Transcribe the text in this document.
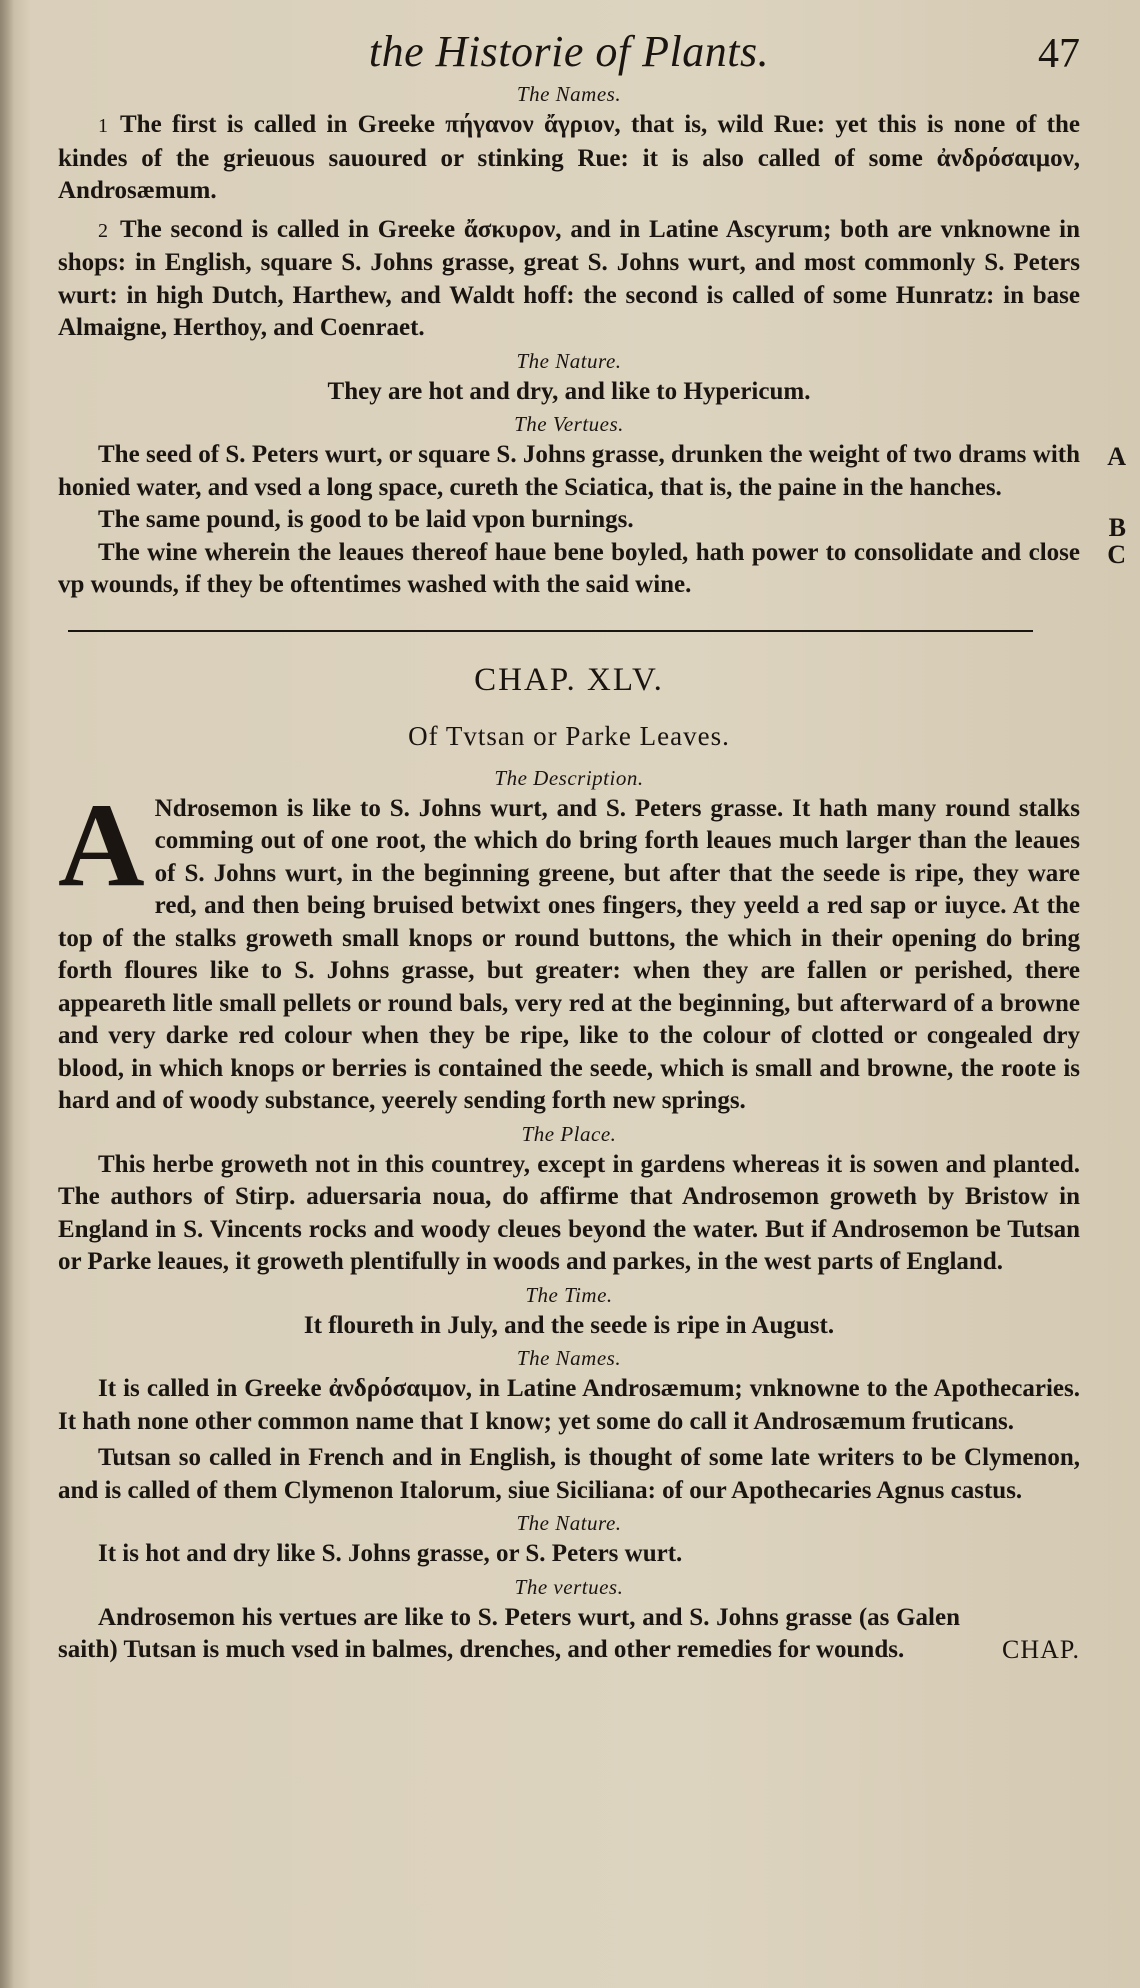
the Historie of Plants.	47
The Names.

1 The first is called in Greeke πήγανον ἄγριον, that is, wild Rue: yet this is none of the kindes of the grieuous sauoured or stinking Rue: it is also called of some ἀνδρόσαιμον, Androsæmum.

2 The second is called in Greeke ἄσκυρον, and in Latine Ascyrum; both are vnknowne in shops: in English, square S. Johns grasse, great S. Johns wurt, and most commonly S. Peters wurt: in high Dutch, Harthew, and Waldt hoff: the second is called of some Hunratz: in base Almaigne, Herthoy, and Coenraet.

The Nature.

They are hot and dry, and like to Hypericum.

The Vertues.

The seed of S. Peters wurt, or square S. Johns grasse, drunken the weight of two drams with honied water, and vsed a long space, cureth the Sciatica, that is, the paine in the hanches.
A

The same pound, is good to be laid vpon burnings.	B

The wine wherein the leaues thereof haue bene boyled, hath power to consolidate and close vp wounds, if they be oftentimes washed with the said wine.
C

CHAP. XLV.
Of Tvtsan or Parke Leaves.
The Description.
A Ndrosemon is like to S. Johns wurt, and S. Peters grasse. It hath many round stalks comming out of one root, the which do bring forth leaues much larger than the leaues of S. Johns wurt, in the beginning greene, but after that the seede is ripe, they ware red, and then being bruised betwixt ones fingers, they yeeld a red sap or iuyce. At the top of the stalks groweth small knops or round buttons, the which in their opening do bring forth floures like to S. Johns grasse, but greater: when they are fallen or perished, there appeareth litle small pellets or round bals, very red at the beginning, but afterward of a browne and very darke red colour when they be ripe, like to the colour of clotted or congealed dry blood, in which knops or berries is contained the seede, which is small and browne, the roote is hard and of woody substance, yeerely sending forth new springs.

The Place.

This herbe groweth not in this countrey, except in gardens whereas it is sowen and planted. The authors of Stirp. aduersaria noua, do affirme that Androsemon groweth by Bristow in England in S. Vincents rocks and woody cleues beyond the water. But if Androsemon be Tutsan or Parke leaues, it groweth plentifully in woods and parkes, in the west parts of England.

The Time.

It floureth in July, and the seede is ripe in August.

The Names.

It is called in Greeke ἀνδρόσαιμον, in Latine Androsæmum; vnknowne to the Apothecaries. It hath none other common name that I know; yet some do call it Androsæmum fruticans.

Tutsan so called in French and in English, is thought of some late writers to be Clymenon, and is called of them Clymenon Italorum, siue Siciliana: of our Apothecaries Agnus castus.

The Nature.

It is hot and dry like S. Johns grasse, or S. Peters wurt.

The vertues.

Androsemon his vertues are like to S. Peters wurt, and S. Johns grasse (as Galen saith) Tutsan is much vsed in balmes, drenches, and other remedies for wounds.	CHAP.
